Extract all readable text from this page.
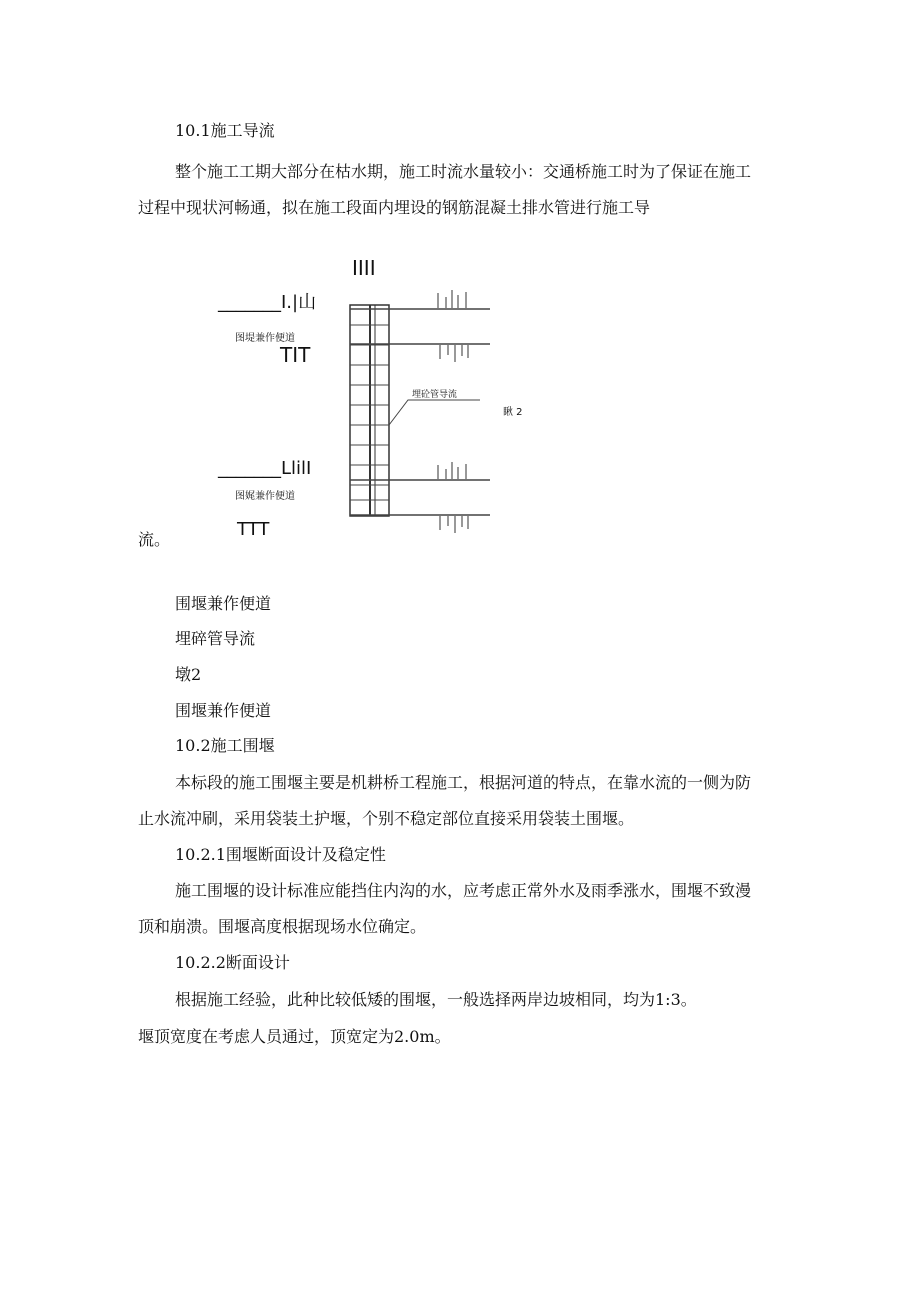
10.1施工导流

整个施工工期大部分在枯水期，施工时流水量较小：交通桥施工时为了保证在施工

过程中现状河畅通，拟在施工段面内埋设的钢筋混凝土排水管进行施工导

IIII
_______I.|山
图堤兼作便道
TIT
埋砼管导流
瞅 2
_______LlilI
图娓兼作便道
TTT

流。

围堰兼作便道

埋碎管导流

墩2

围堰兼作便道

10.2施工围堰

本标段的施工围堰主要是机耕桥工程施工，根据河道的特点，在靠水流的一侧为防

止水流冲刷，采用袋装土护堰，个别不稳定部位直接采用袋装土围堰。

10.2.1围堰断面设计及稳定性

施工围堰的设计标准应能挡住内沟的水，应考虑正常外水及雨季涨水，围堰不致漫

顶和崩溃。围堰高度根据现场水位确定。

10.2.2断面设计

根据施工经验，此种比较低矮的围堰，一般选择两岸边坡相同，均为1:3。

堰顶宽度在考虑人员通过，顶宽定为2.0m。
